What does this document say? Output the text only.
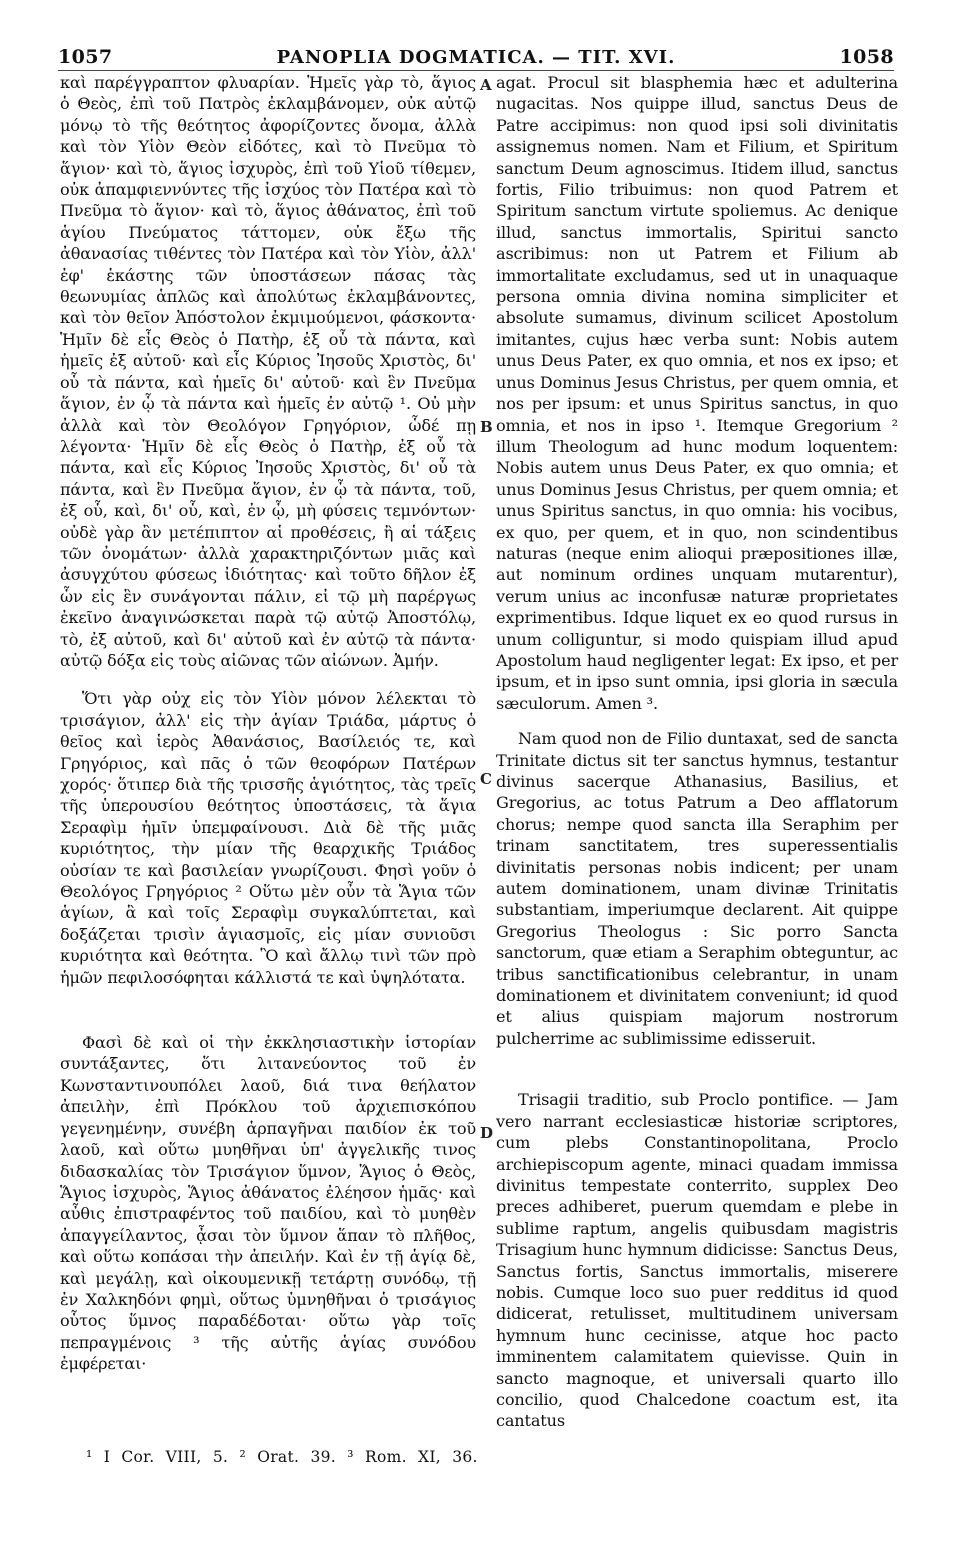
1057	PANOPLIA DOGMATICA. — TIT. XVI.	1058

καὶ παρέγγραπτον φλυαρίαν. Ἡμεῖς γὰρ τὸ, ἅγιος ὁ Θεὸς, ἐπὶ τοῦ Πατρὸς ἐκλαμβάνομεν, οὐκ αὐτῷ μόνῳ τὸ τῆς θεότητος ἀφορίζοντες ὄνομα, ἀλλὰ καὶ τὸν Υἱὸν Θεὸν εἰδότες, καὶ τὸ Πνεῦμα τὸ ἅγιον· καὶ τὸ, ἅγιος ἰσχυρὸς, ἐπὶ τοῦ Υἱοῦ τίθεμεν, οὐκ ἀπαμφιεννύντες τῆς ἰσχύος τὸν Πατέρα καὶ τὸ Πνεῦμα τὸ ἅγιον· καὶ τὸ, ἅγιος ἀθάνατος, ἐπὶ τοῦ ἁγίου Πνεύματος τάττομεν, οὐκ ἔξω τῆς ἀθανασίας τιθέντες τὸν Πατέρα καὶ τὸν Υἱὸν, ἀλλ' ἐφ' ἑκάστης τῶν ὑποστάσεων πάσας τὰς θεωνυμίας ἁπλῶς καὶ ἀπολύτως ἐκλαμβάνοντες, καὶ τὸν θεῖον Ἀπόστολον ἐκμιμούμενοι, φάσκοντα· Ἡμῖν δὲ εἷς Θεὸς ὁ Πατὴρ, ἐξ οὗ τὰ πάντα, καὶ ἡμεῖς ἐξ αὐτοῦ· καὶ εἷς Κύριος Ἰησοῦς Χριστὸς, δι' οὗ τὰ πάντα, καὶ ἡμεῖς δι' αὐτοῦ· καὶ ἓν Πνεῦμα ἅγιον, ἐν ᾧ τὰ πάντα καὶ ἡμεῖς ἐν αὐτῷ ¹. Οὐ μὴν ἀλλὰ καὶ τὸν Θεολόγον Γρηγόριον, ὧδέ πῃ λέγοντα· Ἡμῖν δὲ εἷς Θεὸς ὁ Πατὴρ, ἐξ οὗ τὰ πάντα, καὶ εἷς Κύριος Ἰησοῦς Χριστὸς, δι' οὗ τὰ πάντα, καὶ ἓν Πνεῦμα ἅγιον, ἐν ᾧ τὰ πάντα, τοῦ, ἐξ οὗ, καὶ, δι' οὗ, καὶ, ἐν ᾧ, μὴ φύσεις τεμνόντων· οὐδὲ γὰρ ἂν μετέπιπτον αἱ προθέσεις, ἢ αἱ τάξεις τῶν ὀνομάτων· ἀλλὰ χαρακτηριζόντων μιᾶς καὶ ἀσυγχύτου φύσεως ἰδιότητας· καὶ τοῦτο δῆλον ἐξ ὧν εἰς ἓν συνάγονται πάλιν, εἰ τῷ μὴ παρέργως ἐκεῖνο ἀναγινώσκεται παρὰ τῷ αὐτῷ Ἀποστόλῳ, τὸ, ἐξ αὐτοῦ, καὶ δι' αὐτοῦ καὶ ἐν αὐτῷ τὰ πάντα· αὐτῷ δόξα εἰς τοὺς αἰῶνας τῶν αἰώνων. Ἀμήν.

Ὅτι γὰρ οὐχ εἰς τὸν Υἱὸν μόνον λέλεκται τὸ τρισάγιον, ἀλλ' εἰς τὴν ἁγίαν Τριάδα, μάρτυς ὁ θεῖος καὶ ἱερὸς Ἀθανάσιος, Βασίλειός τε, καὶ Γρηγόριος, καὶ πᾶς ὁ τῶν θεοφόρων Πατέρων χορός· ὅτιπερ διὰ τῆς τρισσῆς ἁγιότητος, τὰς τρεῖς τῆς ὑπερουσίου θεότητος ὑποστάσεις, τὰ ἅγια Σεραφὶμ ἡμῖν ὑπεμφαίνουσι. Διὰ δὲ τῆς μιᾶς κυριότητος, τὴν μίαν τῆς θεαρχικῆς Τριάδος οὐσίαν τε καὶ βασιλείαν γνωρίζουσι. Φησὶ γοῦν ὁ Θεολόγος Γρηγόριος ² Οὕτω μὲν οὖν τὰ Ἅγια τῶν ἁγίων, ἃ καὶ τοῖς Σεραφὶμ συγκαλύπτεται, καὶ δοξάζεται τρισὶν ἁγιασμοῖς, εἰς μίαν συνιοῦσι κυριότητα καὶ θεότητα. Ὃ καὶ ἄλλῳ τινὶ τῶν πρὸ ἡμῶν πεφιλοσόφηται κάλλιστά τε καὶ ὑψηλότατα.

Φασὶ δὲ καὶ οἱ τὴν ἐκκλησιαστικὴν ἱστορίαν συντάξαντες, ὅτι λιτανεύοντος τοῦ ἐν Κωνσταντινουπόλει λαοῦ, διά τινα θεήλατον ἀπειλὴν, ἐπὶ Πρόκλου τοῦ ἀρχιεπισκόπου γεγενημένην, συνέβη ἁρπαγῆναι παιδίον ἐκ τοῦ λαοῦ, καὶ οὕτω μυηθῆναι ὑπ' ἀγγελικῆς τινος διδασκαλίας τὸν Τρισάγιον ὕμνον, Ἅγιος ὁ Θεὸς, Ἅγιος ἰσχυρὸς, Ἅγιος ἀθάνατος ἐλέησον ἡμᾶς· καὶ αὖθις ἐπιστραφέντος τοῦ παιδίου, καὶ τὸ μυηθὲν ἀπαγγείλαντος, ᾆσαι τὸν ὕμνον ἅπαν τὸ πλῆθος, καὶ οὕτω κοπάσαι τὴν ἀπειλήν. Καὶ ἐν τῇ ἁγίᾳ δὲ, καὶ μεγάλῃ, καὶ οἰκουμενικῇ τετάρτῃ συνόδῳ, τῇ ἐν Χαλκηδόνι φημὶ, οὕτως ὑμνηθῆναι ὁ τρισάγιος οὗτος ὕμνος παραδέδοται· οὕτω γὰρ τοῖς πεπραγμένοις ³ τῆς αὐτῆς ἁγίας συνόδου ἐμφέρεται·

agat. Procul sit blasphemia hæc et adulterina nugacitas. Nos quippe illud, sanctus Deus de Patre accipimus: non quod ipsi soli divinitatis assignemus nomen. Nam et Filium, et Spiritum sanctum Deum agnoscimus. Itidem illud, sanctus fortis, Filio tribuimus: non quod Patrem et Spiritum sanctum virtute spoliemus. Ac denique illud, sanctus immortalis, Spiritui sancto ascribimus: non ut Patrem et Filium ab immortalitate excludamus, sed ut in unaquaque persona omnia divina nomina simpliciter et absolute sumamus, divinum scilicet Apostolum imitantes, cujus hæc verba sunt: Nobis autem unus Deus Pater, ex quo omnia, et nos ex ipso; et unus Dominus Jesus Christus, per quem omnia, et nos per ipsum: et unus Spiritus sanctus, in quo omnia, et nos in ipso ¹. Itemque Gregorium ² illum Theologum ad hunc modum loquentem: Nobis autem unus Deus Pater, ex quo omnia; et unus Dominus Jesus Christus, per quem omnia; et unus Spiritus sanctus, in quo omnia: his vocibus, ex quo, per quem, et in quo, non scindentibus naturas (neque enim alioqui præpositiones illæ, aut nominum ordines unquam mutarentur), verum unius ac inconfusæ naturæ proprietates exprimentibus. Idque liquet ex eo quod rursus in unum colliguntur, si modo quispiam illud apud Apostolum haud negligenter legat: Ex ipso, et per ipsum, et in ipso sunt omnia, ipsi gloria in sæcula sæculorum. Amen ³.

Nam quod non de Filio duntaxat, sed de sancta Trinitate dictus sit ter sanctus hymnus, testantur divinus sacerque Athanasius, Basilius, et Gregorius, ac totus Patrum a Deo afflatorum chorus; nempe quod sancta illa Seraphim per trinam sanctitatem, tres superessentialis divinitatis personas nobis indicent; per unam autem dominationem, unam divinæ Trinitatis substantiam, imperiumque declarent. Ait quippe Gregorius Theologus : Sic porro Sancta sanctorum, quæ etiam a Seraphim obteguntur, ac tribus sanctificationibus celebrantur, in unam dominationem et divinitatem conveniunt; id quod et alius quispiam majorum nostrorum pulcherrime ac sublimissime edisseruit.

Trisagii traditio, sub Proclo pontifice. — Jam vero narrant ecclesiasticæ historiæ scriptores, cum plebs Constantinopolitana, Proclo archiepiscopum agente, minaci quadam immissa divinitus tempestate conterrito, supplex Deo preces adhiberet, puerum quemdam e plebe in sublime raptum, angelis quibusdam magistris Trisagium hunc hymnum didicisse: Sanctus Deus, Sanctus fortis, Sanctus immortalis, miserere nobis. Cumque loco suo puer redditus id quod didicerat, retulisset, multitudinem universam hymnum hunc cecinisse, atque hoc pacto imminentem calamitatem quievisse. Quin in sancto magnoque, et universali quarto illo concilio, quod Chalcedone coactum est, ita cantatus

A
B
C
D
¹ I Cor. VIII, 5. ² Orat. 39. ³ Rom. XI, 36.
